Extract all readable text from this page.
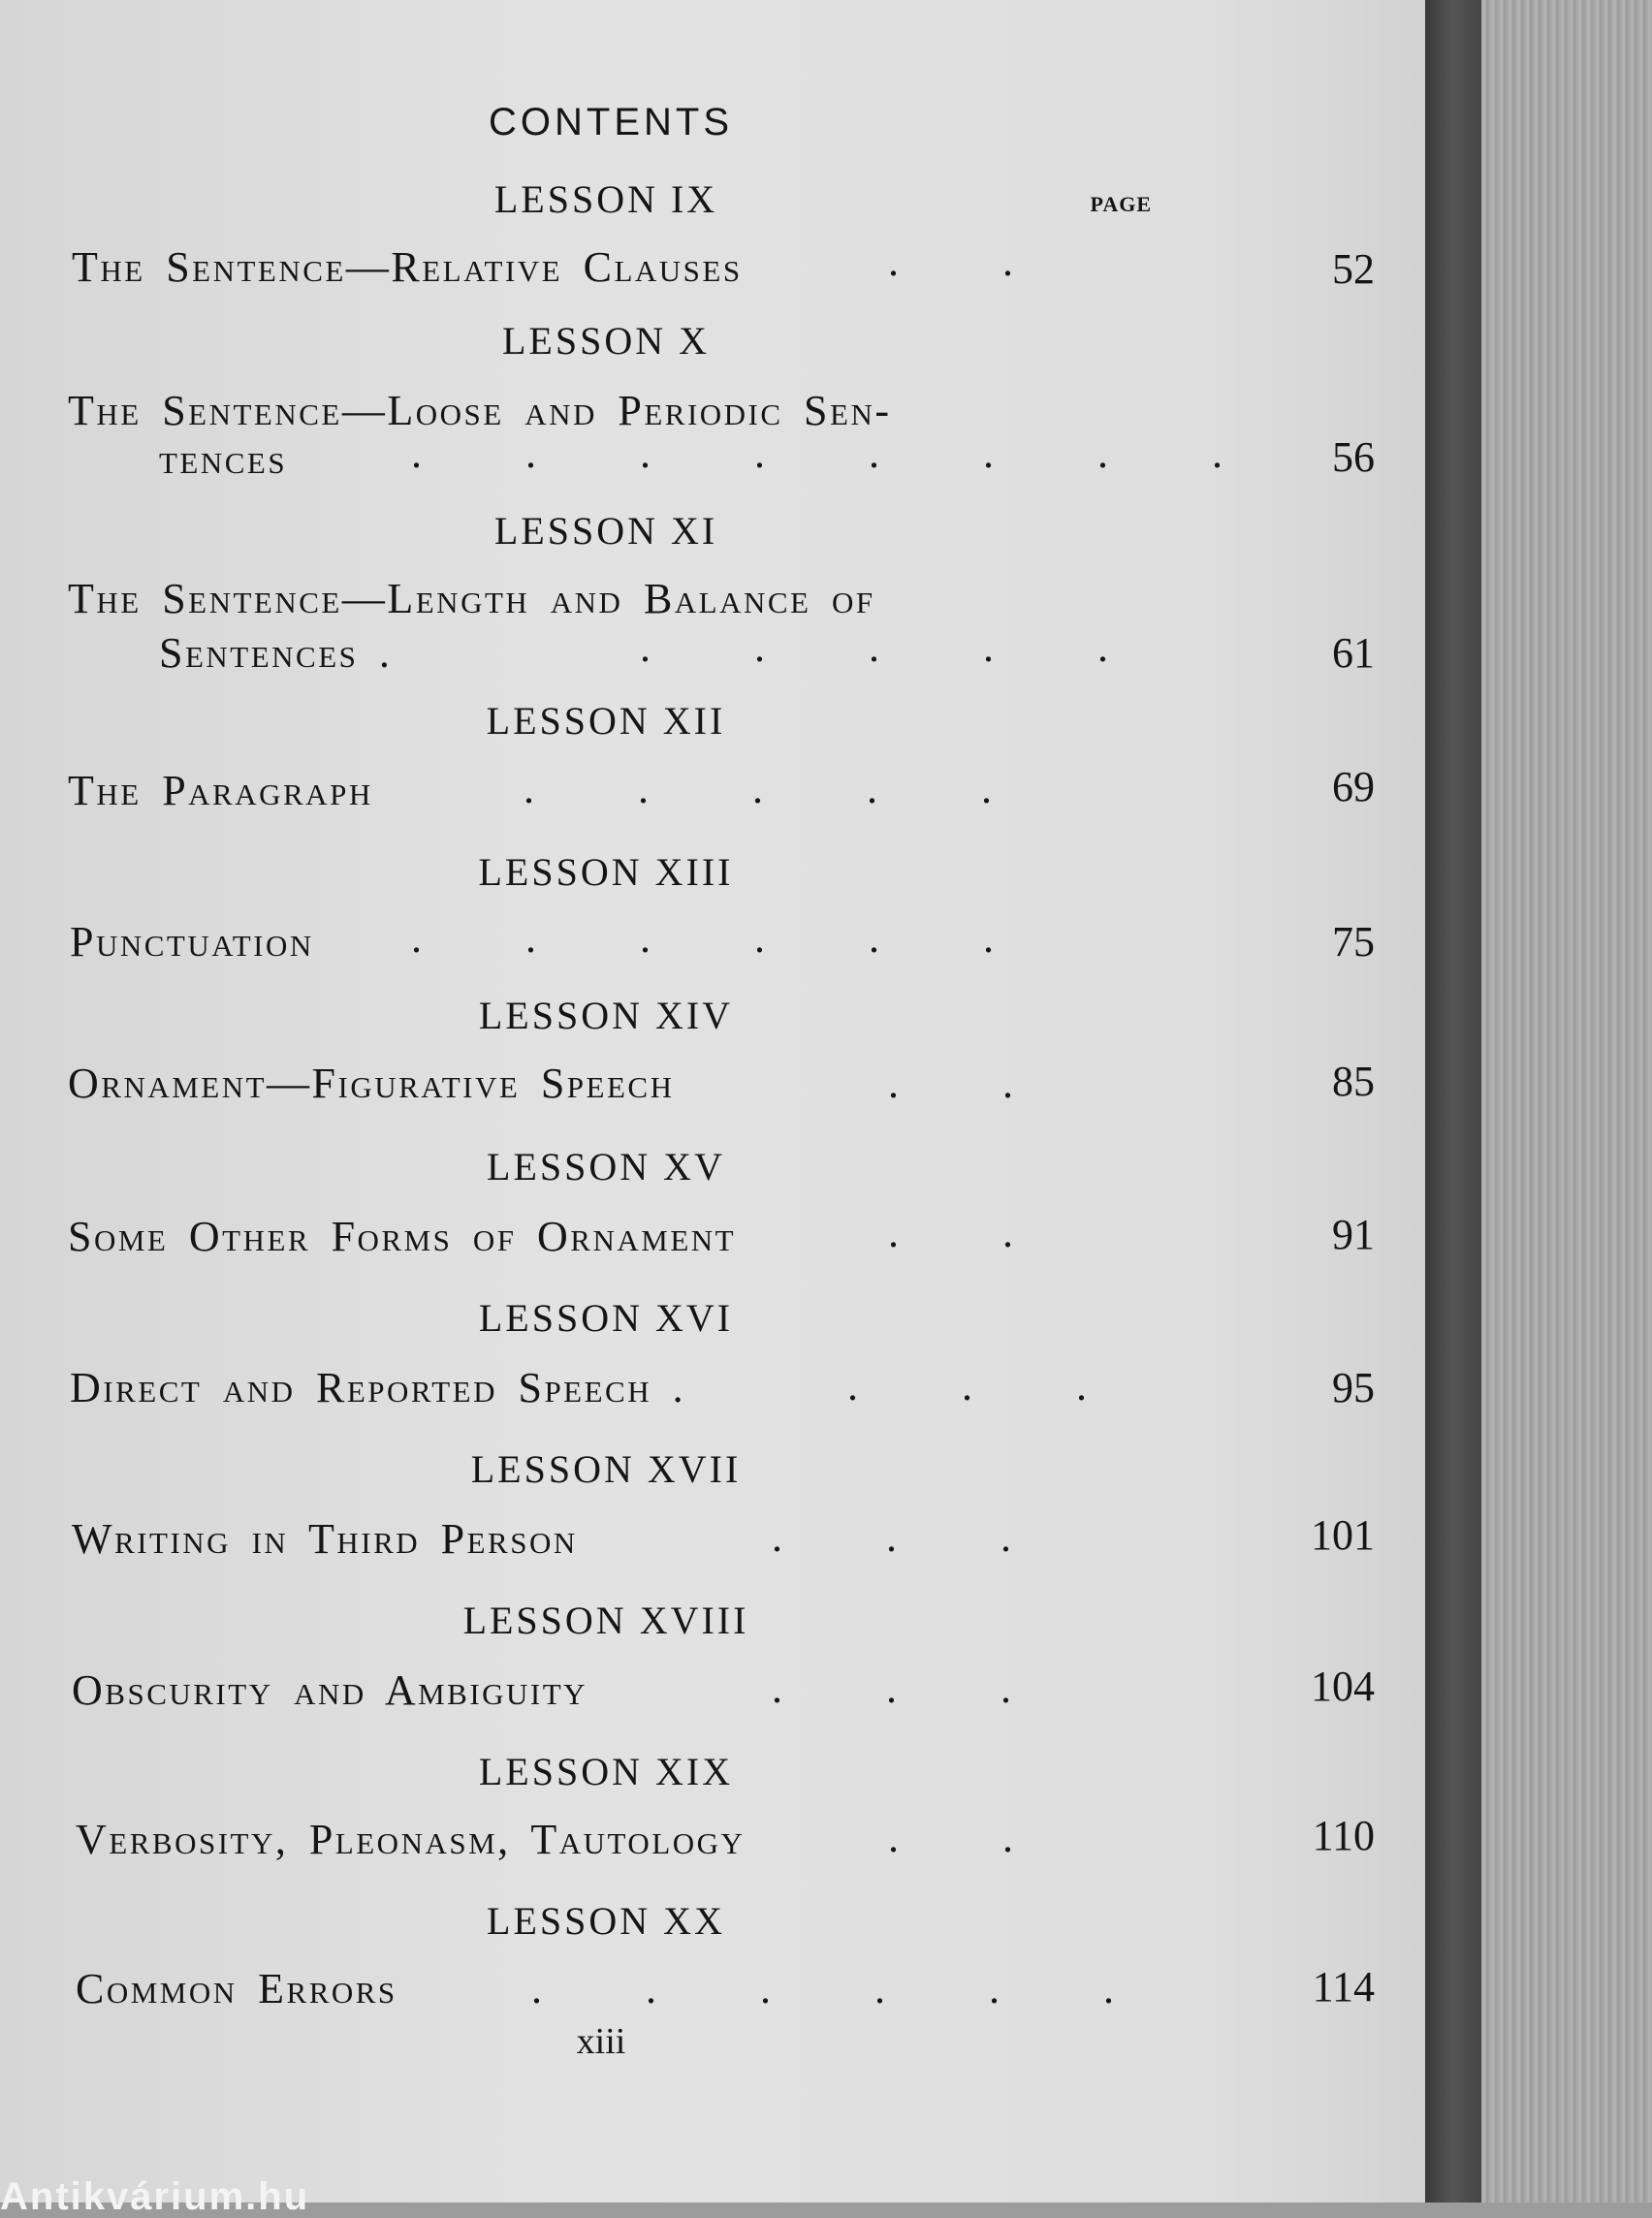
CONTENTS
PAGE
LESSON IX
The Sentence—Relative Clauses	. .	52
LESSON X
The Sentence—Loose and Periodic Sen-
tences	. . . . . . . . 56
LESSON XI
The Sentence—Length and Balance of
Sentences .	. . . . .	61
LESSON XII
The Paragraph	. . . . .	69
LESSON XIII
Punctuation . . . . . .	75
LESSON XIV
Ornament—Figurative Speech	. .	85
LESSON XV
Some Other Forms of Ornament	. .	91
LESSON XVI
Direct and Reported Speech .	. . .	95
LESSON XVII
Writing in Third Person	. . .	101
LESSON XVIII
Obscurity and Ambiguity	. . .	104
LESSON XIX
Verbosity, Pleonasm, Tautology	. .	110
LESSON XX
Common Errors	. . . . . .	114
xiii
Antikvárium.hu
